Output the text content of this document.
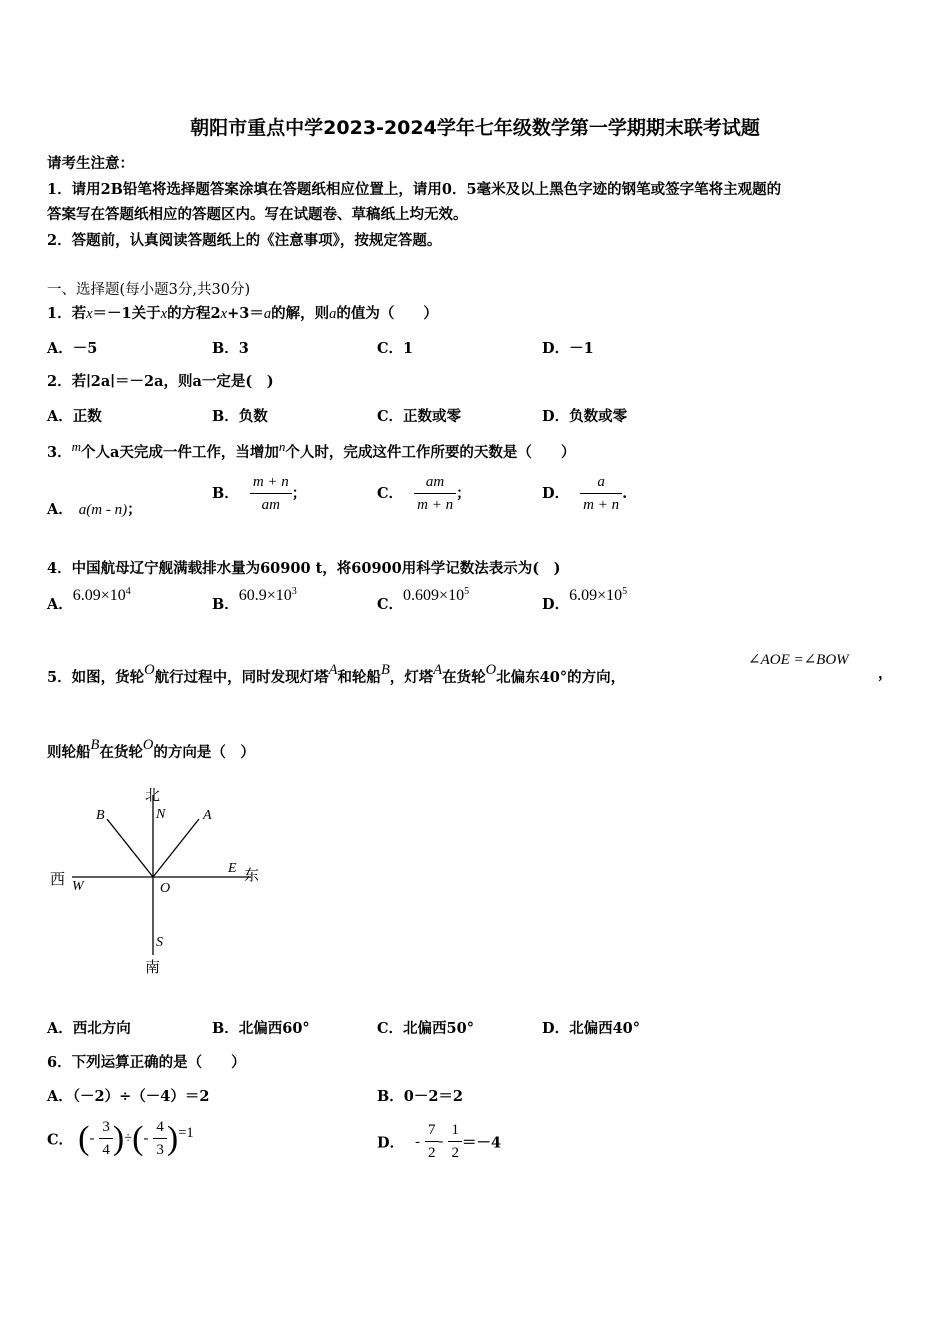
朝阳市重点中学2023-2024学年七年级数学第一学期期末联考试题
请考生注意：
1．请用2B铅笔将选择题答案涂填在答题纸相应位置上，请用0．5毫米及以上黑色字迹的钢笔或签字笔将主观题的
答案写在答题纸相应的答题区内。写在试题卷、草稿纸上均无效。
2．答题前，认真阅读答题纸上的《注意事项》，按规定答题。
一、选择题(每小题3分,共30分)
1．若x＝－1关于x的方程2x+3＝a的解，则a的值为（　　）
A．－5	B．3	C．1	D．－1
2．若∣2a∣＝－2a，则a一定是(　)
A．正数	B．负数	C．正数或零	D．负数或零
3．m个人a天完成一件工作，当增加n个人时，完成这件工作所要的天数是（　　）
A． a(m - n)；
B． $\frac{m + n}{am}$ ；	C． $\frac{am}{m + n}$ ；	D． $\frac{a}{m + n}$ .
4．中国航母辽宁舰满载排水量为60900 t，将60900用科学记数法表示为(　)
A．$6.09\times 10^4$
B．$60.9\times 10^3$
C．$0.609\times 10^5$
D．$6.09\times 10^5$
5．如图，货轮O航行过程中，同时发现灯塔A和轮船B，灯塔A在货轮O北偏东40°的方向，
∠AOE =∠BOW
，
则轮船B在货轮O的方向是（　）
北
南
西	东
N
S
W
E
O
A
B
A．西北方向	B．北偏西60°	C．北偏西50°	D．北偏西40°
6．下列运算正确的是（　　）
A．（－2）÷（－4）＝2	B．0－2＝2
C． (- $\frac{3}{4}$ )÷(- $\frac{4}{3} )=1$
D． - $\frac{7}{2} - \frac{1}{2} =-4$
